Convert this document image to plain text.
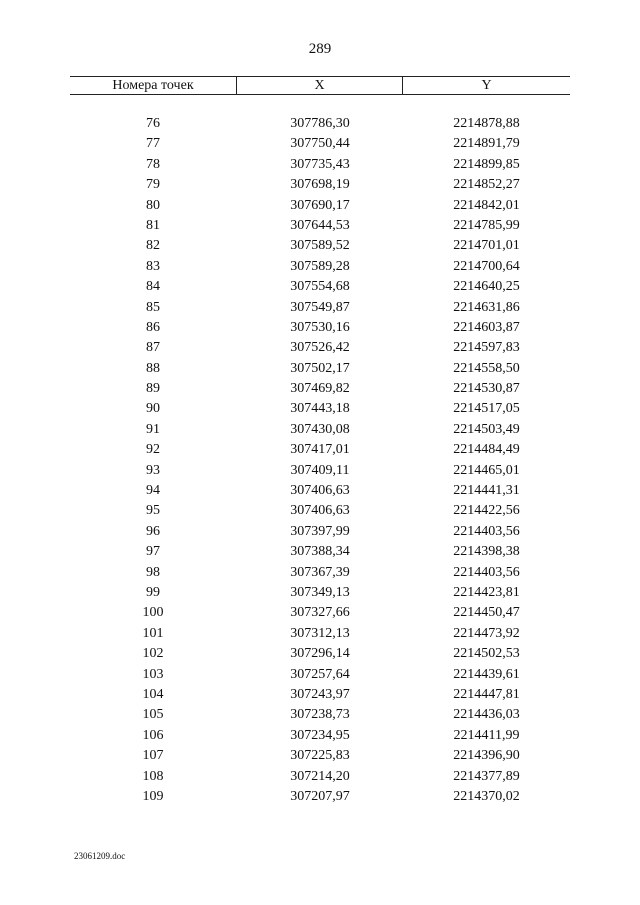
289
Номера точек	X	Y
76	307786,30	2214878,88
77	307750,44	2214891,79
78	307735,43	2214899,85
79	307698,19	2214852,27
80	307690,17	2214842,01
81	307644,53	2214785,99
82	307589,52	2214701,01
83	307589,28	2214700,64
84	307554,68	2214640,25
85	307549,87	2214631,86
86	307530,16	2214603,87
87	307526,42	2214597,83
88	307502,17	2214558,50
89	307469,82	2214530,87
90	307443,18	2214517,05
91	307430,08	2214503,49
92	307417,01	2214484,49
93	307409,11	2214465,01
94	307406,63	2214441,31
95	307406,63	2214422,56
96	307397,99	2214403,56
97	307388,34	2214398,38
98	307367,39	2214403,56
99	307349,13	2214423,81
100	307327,66	2214450,47
101	307312,13	2214473,92
102	307296,14	2214502,53
103	307257,64	2214439,61
104	307243,97	2214447,81
105	307238,73	2214436,03
106	307234,95	2214411,99
107	307225,83	2214396,90
108	307214,20	2214377,89
109	307207,97	2214370,02
23061209.doc
